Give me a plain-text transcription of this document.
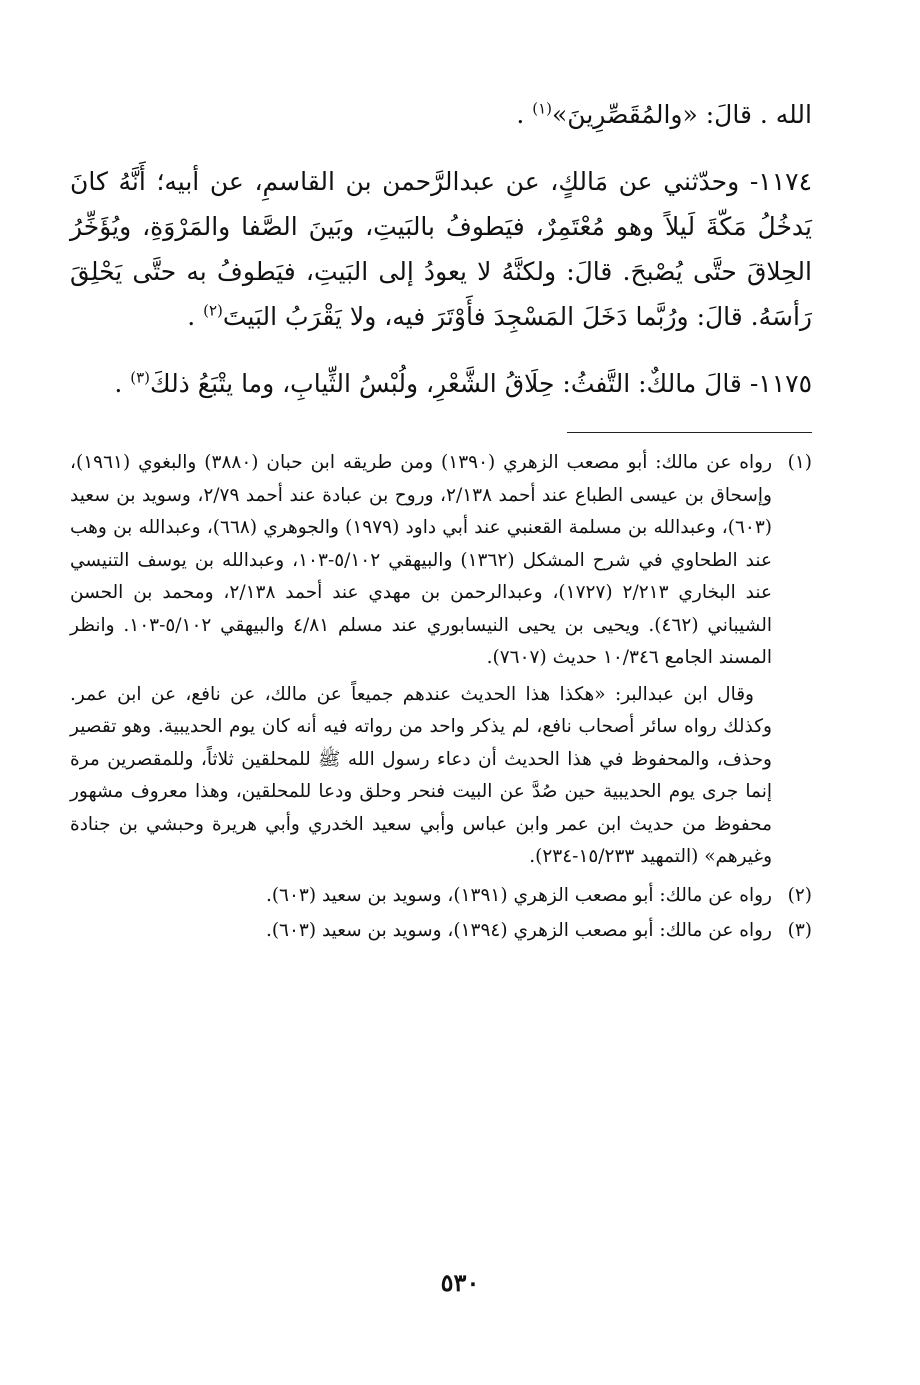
الله . قالَ: «والمُقَصِّرِينَ»$^{(١)}$ .

١١٧٤- وحدّثني عن مَالكٍ، عن عبدالرَّحمن بن القاسمِ، عن أبيه؛ أَنَّهُ كانَ يَدخُلُ مَكّةَ لَيلاً وهو مُعْتَمِرٌ، فيَطوفُ بالبَيتِ، وبَينَ الصَّفا والمَرْوَةِ، ويُؤَخِّرُ الحِلاقَ حتَّى يُصْبحَ. قالَ: ولكنَّهُ لا يعودُ إلى البَيتِ، فيَطوفُ به حتَّى يَحْلِقَ رَأسَهُ. قالَ: ورُبَّما دَخَلَ المَسْجِدَ فأَوْتَرَ فيه، ولا يَقْرَبُ البَيتَ$^{(٢)}$ .

١١٧٥- قالَ مالكٌ: التَّفثُ: حِلَاقُ الشَّعْرِ، ولُبْسُ الثِّيابِ، وما يتْبَعُ ذلكَ$^{(٣)}$ .

(١)
رواه عن مالك: أبو مصعب الزهري (١٣٩٠) ومن طريقه ابن حبان (٣٨٨٠) والبغوي (١٩٦١)، وإسحاق بن عيسى الطباع عند أحمد ٢/١٣٨، وروح بن عبادة عند أحمد ٢/٧٩، وسويد بن سعيد (٦٠٣)، وعبدالله بن مسلمة القعنبي عند أبي داود (١٩٧٩) والجوهري (٦٦٨)، وعبدالله بن وهب عند الطحاوي في شرح المشكل (١٣٦٢) والبيهقي ٥/١٠٢-١٠٣، وعبدالله بن يوسف التنيسي عند البخاري ٢/٢١٣ (١٧٢٧)، وعبدالرحمن بن مهدي عند أحمد ٢/١٣٨، ومحمد بن الحسن الشيباني (٤٦٢). ويحيى بن يحيى النيسابوري عند مسلم ٤/٨١ والبيهقي ٥/١٠٢-١٠٣. وانظر المسند الجامع ١٠/٣٤٦ حديث (٧٦٠٧).
وقال ابن عبدالبر: «هكذا هذا الحديث عندهم جميعاً عن مالك، عن نافع، عن ابن عمر. وكذلك رواه سائر أصحاب نافع، لم يذكر واحد من رواته فيه أنه كان يوم الحديبية. وهو تقصير وحذف، والمحفوظ في هذا الحديث أن دعاء رسول الله ﷺ للمحلقين ثلاثاً، وللمقصرين مرة إنما جرى يوم الحديبية حين صُدَّ عن البيت فنحر وحلق ودعا للمحلقين، وهذا معروف مشهور محفوظ من حديث ابن عمر وابن عباس وأبي سعيد الخدري وأبي هريرة وحبشي بن جنادة وغيرهم» (التمهيد ١٥/٢٣٣-٢٣٤).
(٢)
رواه عن مالك: أبو مصعب الزهري (١٣٩١)، وسويد بن سعيد (٦٠٣).
(٣)
رواه عن مالك: أبو مصعب الزهري (١٣٩٤)، وسويد بن سعيد (٦٠٣).
٥٣٠
